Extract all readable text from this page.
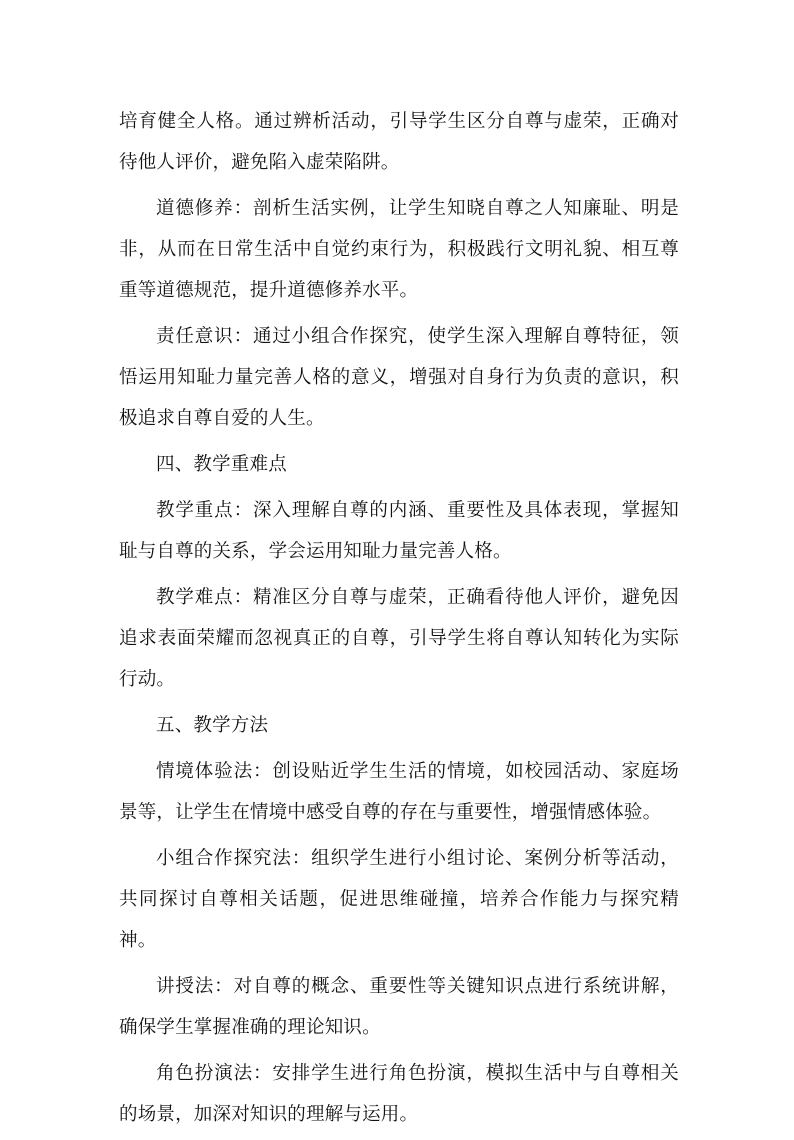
培育健全人格。通过辨析活动，引导学生区分自尊与虚荣，正确对待他人评价，避免陷入虚荣陷阱。

道德修养：剖析生活实例，让学生知晓自尊之人知廉耻、明是非，从而在日常生活中自觉约束行为，积极践行文明礼貌、相互尊重等道德规范，提升道德修养水平。

责任意识：通过小组合作探究，使学生深入理解自尊特征，领悟运用知耻力量完善人格的意义，增强对自身行为负责的意识，积极追求自尊自爱的人生。

四、教学重难点

教学重点：深入理解自尊的内涵、重要性及具体表现，掌握知耻与自尊的关系，学会运用知耻力量完善人格。

教学难点：精准区分自尊与虚荣，正确看待他人评价，避免因追求表面荣耀而忽视真正的自尊，引导学生将自尊认知转化为实际行动。

五、教学方法

情境体验法：创设贴近学生生活的情境，如校园活动、家庭场景等，让学生在情境中感受自尊的存在与重要性，增强情感体验。

小组合作探究法：组织学生进行小组讨论、案例分析等活动，共同探讨自尊相关话题，促进思维碰撞，培养合作能力与探究精神。

讲授法：对自尊的概念、重要性等关键知识点进行系统讲解，确保学生掌握准确的理论知识。

角色扮演法：安排学生进行角色扮演，模拟生活中与自尊相关的场景，加深对知识的理解与运用。
